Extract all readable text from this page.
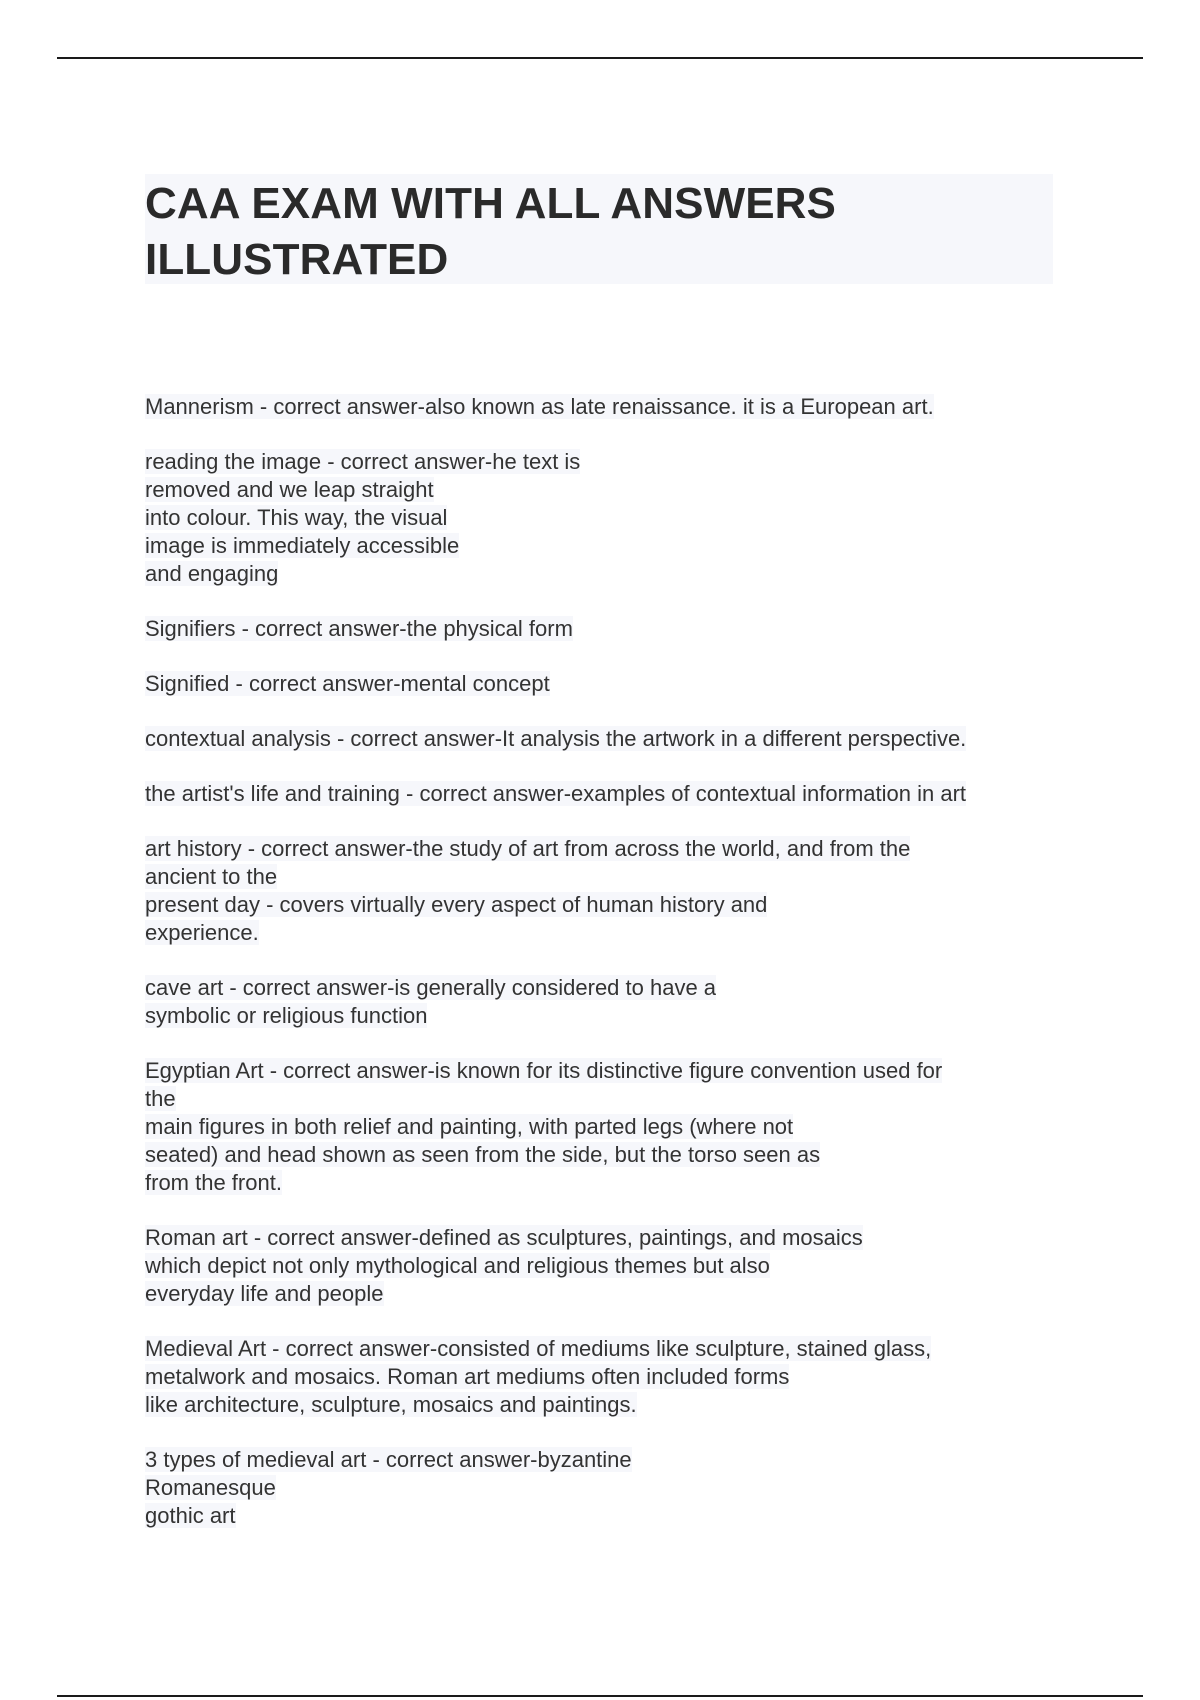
CAA EXAM WITH ALL ANSWERS
ILLUSTRATED

Mannerism - correct answer-also known as late renaissance. it is a European art.

reading the image - correct answer-he text is
removed and we leap straight
into colour. This way, the visual
image is immediately accessible
and engaging

Signifiers - correct answer-the physical form

Signified - correct answer-mental concept

contextual analysis - correct answer-It analysis the artwork in a different perspective.

the artist's life and training - correct answer-examples of contextual information in art

art history - correct answer-the study of art from across the world, and from the
ancient to the
present day - covers virtually every aspect of human history and
experience.

cave art - correct answer-is generally considered to have a
symbolic or religious function

Egyptian Art - correct answer-is known for its distinctive figure convention used for
the
main figures in both relief and painting, with parted legs (where not
seated) and head shown as seen from the side, but the torso seen as
from the front.

Roman art - correct answer-defined as sculptures, paintings, and mosaics
which depict not only mythological and religious themes but also
everyday life and people

Medieval Art - correct answer-consisted of mediums like sculpture, stained glass,
metalwork and mosaics. Roman art mediums often included forms
like architecture, sculpture, mosaics and paintings.

3 types of medieval art - correct answer-byzantine
Romanesque
gothic art
